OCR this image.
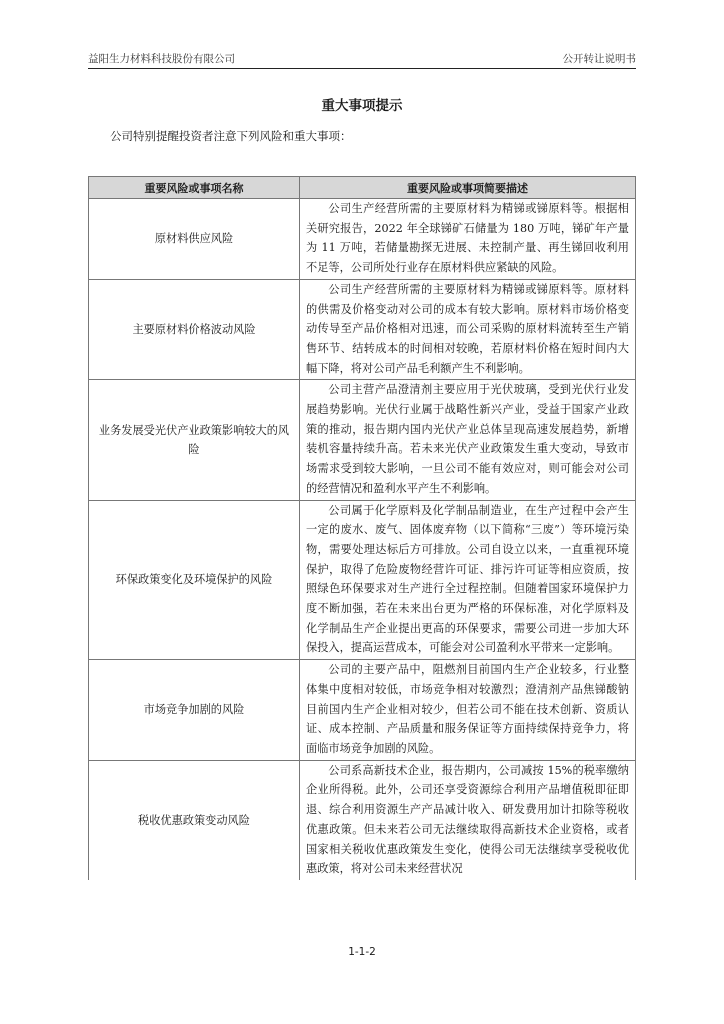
益阳生力材料科技股份有限公司	公开转让说明书
重大事项提示
公司特别提醒投资者注意下列风险和重大事项：
重要风险或事项名称	重要风险或事项简要描述
原材料供应风险	公司生产经营所需的主要原材料为精锑或锑原料等。根据相关研究报告，2022 年全球锑矿石储量为 180 万吨，锑矿年产量为 11 万吨，若储量勘探无进展、未控制产量、再生锑回收利用不足等，公司所处行业存在原材料供应紧缺的风险。

主要原材料价格波动风险	公司生产经营所需的主要原材料为精锑或锑原料等。原材料的供需及价格变动对公司的成本有较大影响。原材料市场价格变动传导至产品价格相对迅速，而公司采购的原材料流转至生产销售环节、结转成本的时间相对较晚，若原材料价格在短时间内大幅下降，将对公司产品毛利额产生不利影响。

业务发展受光伏产业政策影响较大的风险	公司主营产品澄清剂主要应用于光伏玻璃，受到光伏行业发展趋势影响。光伏行业属于战略性新兴产业，受益于国家产业政策的推动，报告期内国内光伏产业总体呈现高速发展趋势，新增装机容量持续升高。若未来光伏产业政策发生重大变动，导致市场需求受到较大影响，一旦公司不能有效应对，则可能会对公司的经营情况和盈利水平产生不利影响。

环保政策变化及环境保护的风险	公司属于化学原料及化学制品制造业，在生产过程中会产生一定的废水、废气、固体废弃物（以下简称“三废”）等环境污染物，需要处理达标后方可排放。公司自设立以来，一直重视环境保护，取得了危险废物经营许可证、排污许可证等相应资质，按照绿色环保要求对生产进行全过程控制。但随着国家环境保护力度不断加强，若在未来出台更为严格的环保标准，对化学原料及化学制品生产企业提出更高的环保要求，需要公司进一步加大环保投入，提高运营成本，可能会对公司盈利水平带来一定影响。

市场竞争加剧的风险	公司的主要产品中，阻燃剂目前国内生产企业较多，行业整体集中度相对较低，市场竞争相对较激烈；澄清剂产品焦锑酸钠目前国内生产企业相对较少，但若公司不能在技术创新、资质认证、成本控制、产品质量和服务保证等方面持续保持竞争力，将面临市场竞争加剧的风险。

税收优惠政策变动风险	公司系高新技术企业，报告期内，公司减按 15%的税率缴纳企业所得税。此外，公司还享受资源综合利用产品增值税即征即退、综合利用资源生产产品减计收入、研发费用加计扣除等税收优惠政策。但未来若公司无法继续取得高新技术企业资格，或者国家相关税收优惠政策发生变化，使得公司无法继续享受税收优惠政策，将对公司未来经营状况

1-1-2
